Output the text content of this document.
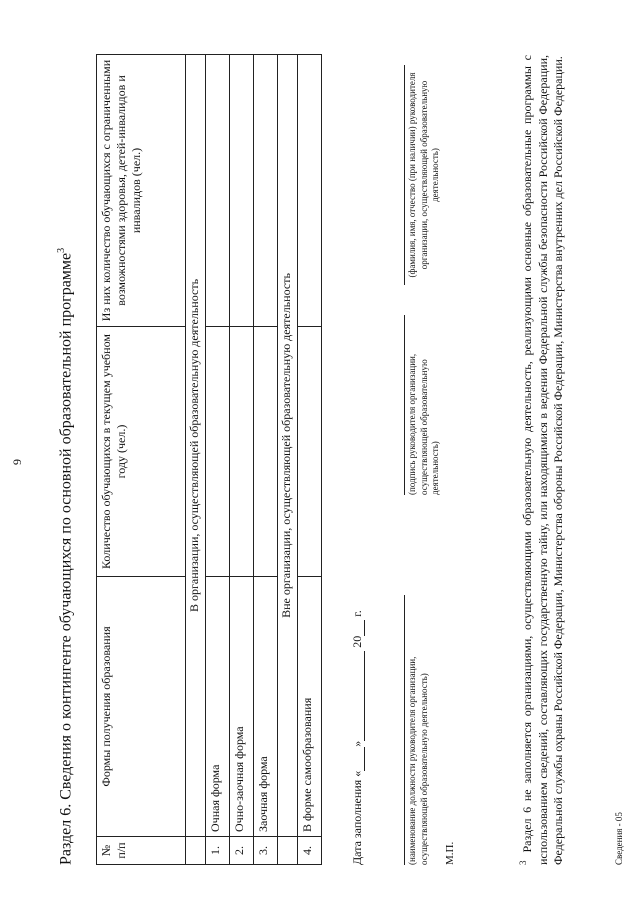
9 Раздел 6. Сведения о контингенте обучающихся по основной образовательной программе$^3$
№ п/п	Формы получения образования	Количество обучающихся в текущем учебном году (чел.)	Из них количество обучающихся с ограниченными возможностями здоровья, детей-инвалидов и инвалидов (чел.)
	В организации, осуществляющей образовательную деятельность		
1.	Очная форма		
2.	Очно-заочная форма		
3.	Заочная форма		
	Вне организации, осуществляющей образовательную деятельность		
4.	В форме самообразования			Дата заполнения «» 20 г.
(наименование должности руководителя организации, осуществляющей образовательную деятельность)
(подпись руководителя организации, осуществляющей образовательную деятельность)
(фамилия, имя, отчество (при наличии) руководителя организации, осуществляющей образовательную деятельность)
М.П.	$^3$Раздел 6 не заполняется организациями, осуществляющими образовательную деятельность, реализующими основные образовательные программы с использованием сведений, составляющих государственную тайну, или находящимися в ведении Федеральной службы безопасности Российской Федерации, Федеральной службы охраны Российской Федерации, Министерства обороны Российской Федерации, Министерства внутренних дел Российской Федерации.	Сведения - 05
